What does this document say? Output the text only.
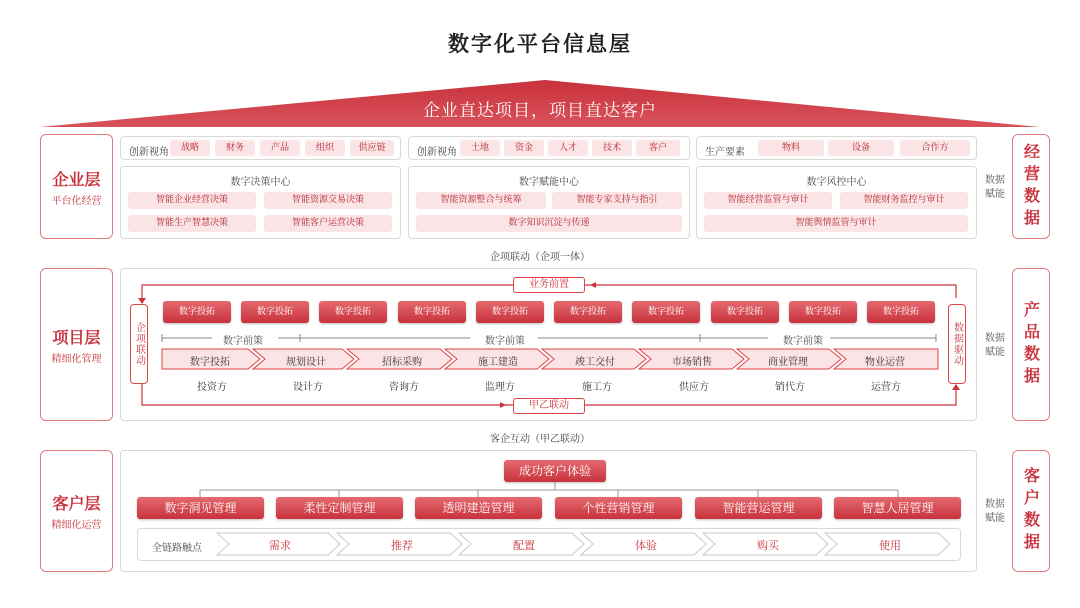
数字化平台信息屋
企业直达项目，项目直达客户
企业层
平台化经营	经营数据
数据赋能
创新视角	战略	财务	产品	组织	供应链
数字决策中心
智能企业经营决策	智能资源交易决策
智能生产智慧决策	智能客户运营决策
创新视角	土地	资金	人才	技术	客户
数字赋能中心
智能资源整合与统筹	智能专家支持与指引
数字知识沉淀与传递
生产要素	物料	设备	合作方
数字风控中心
智能经营监管与审计	智能财务监控与审计
智能舆情监管与审计
企项联动（企项一体）
项目层
精细化管理	产品数据
数据赋能
业务前置
甲乙联动
企项联动	数据驱动
数字投拓	数字投拓	数字投拓	数字投拓	数字投拓	数字投拓	数字投拓	数字投拓	数字投拓	数字投拓
数字前策	数字前策	数字前策
数字投拓	规划设计	招标采购	施工建造	竣工交付	市场销售	商业管理	物业运营
投资方	设计方	咨询方	监理方	施工方	供应方	销代方	运营方
客企互动（甲乙联动）
客户层
精细化运营	客户数据
数据赋能
成功客户体验
数字洞见管理	柔性定制管理	透明建造管理	个性营销管理	智能营运管理	智慧人居管理
全链路触点	需求	推荐	配置	体验	购买	使用
